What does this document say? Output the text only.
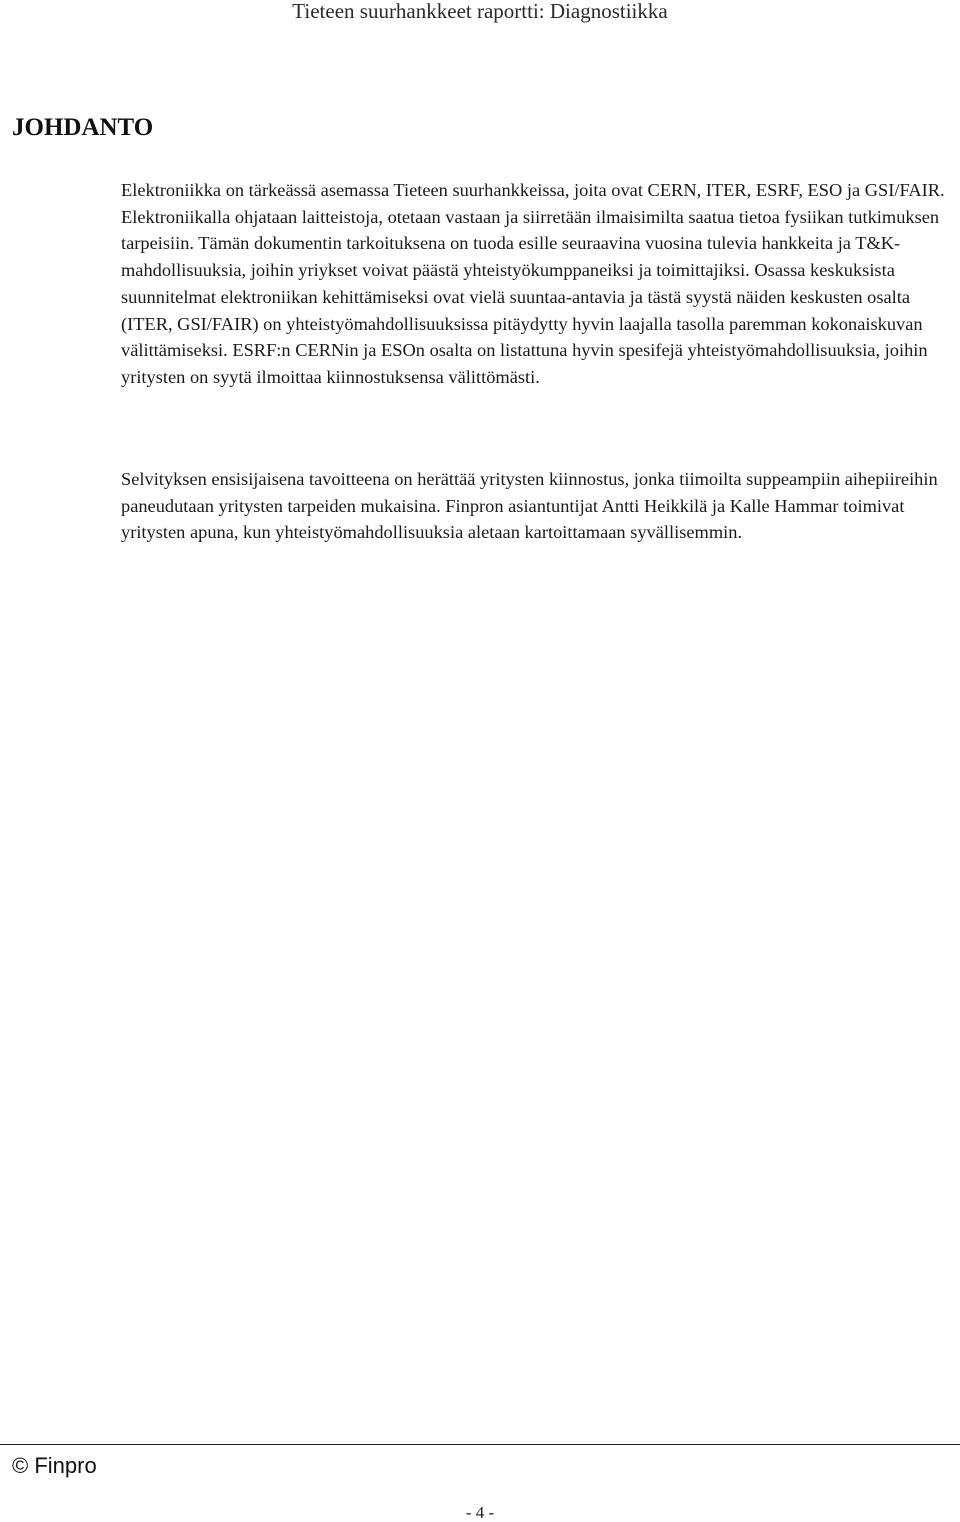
Tieteen suurhankkeet raportti: Diagnostiikka
JOHDANTO

Elektroniikka on tärkeässä asemassa Tieteen suurhankkeissa, joita ovat CERN, ITER, ESRF, ESO ja GSI/FAIR. Elektroniikalla ohjataan laitteistoja, otetaan vastaan ja siirretään ilmaisimilta saatua tietoa fysiikan tutkimuksen tarpeisiin. Tämän dokumentin tarkoituksena on tuoda esille seuraavina vuosina tulevia hankkeita ja T&K-mahdollisuuksia, joihin yriykset voivat päästä yhteistyökumppaneiksi ja toimittajiksi. Osassa keskuksista suunnitelmat elektroniikan kehittämiseksi ovat vielä suuntaa-antavia ja tästä syystä näiden keskusten osalta (ITER, GSI/FAIR) on yhteistyömahdollisuuksissa pitäydytty hyvin laajalla tasolla paremman kokonaiskuvan välittämiseksi. ESRF:n CERNin ja ESOn osalta on listattuna hyvin spesifejä yhteistyömahdollisuuksia, joihin yritysten on syytä ilmoittaa kiinnostuksensa välittömästi.

Selvityksen ensisijaisena tavoitteena on herättää yritysten kiinnostus, jonka tiimoilta suppeampiin aihepiireihin paneudutaan yritysten tarpeiden mukaisina. Finpron asiantuntijat Antti Heikkilä ja Kalle Hammar toimivat yritysten apuna, kun yhteistyömahdollisuuksia aletaan kartoittamaan syvällisemmin.

© Finpro
- 4 -
